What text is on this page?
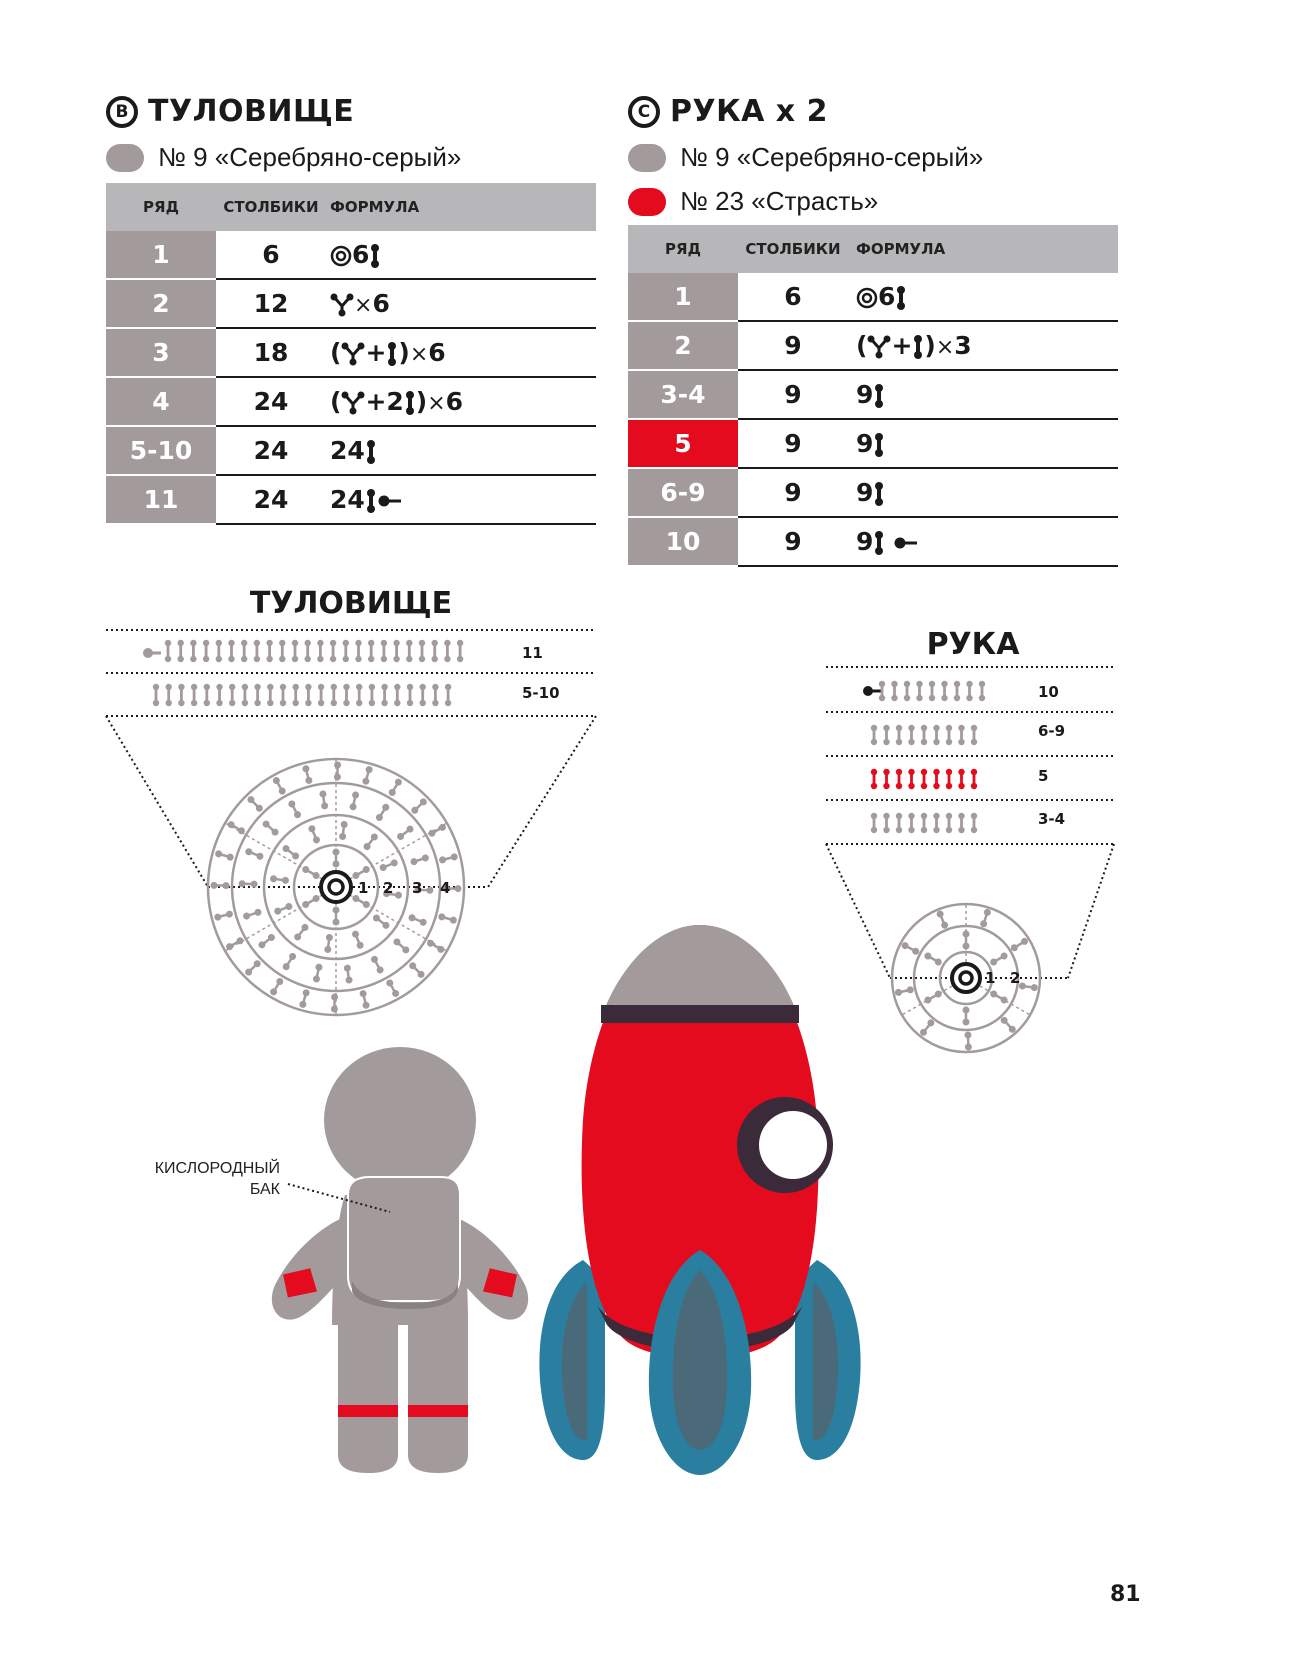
B ТУЛОВИЩЕ
№ 9 «Серебряно-серый»
C РУКА x 2
№ 9 «Серебряно-серый»
№ 23 «Страсть»
РЯД	СТОЛБИКИ	ФОРМУЛА
1	6	6
2	12	×6
3	18	( + )×6
4	24	( +2 )×6
5-10	24	24
11	24	24
РЯД	СТОЛБИКИ	ФОРМУЛА
1	6	6
2	9	( + )×3
3-4	9	9
5	9	9
6-9	9	9
10	9	9
ТУЛОВИЩЕ
1 2 3 4
11
5-10
РУКА
1 2
10
6-9
5
3-4
КИСЛОРОДНЫЙ
БАК
81
